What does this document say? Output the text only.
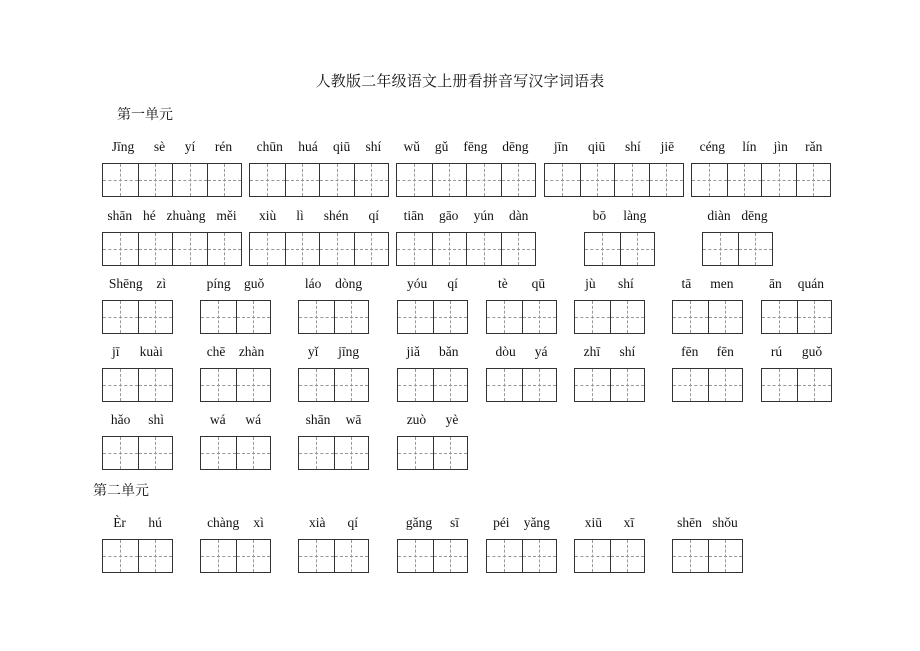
人教版二年级语文上册看拼音写汉字词语表
第一单元
Jīng sè yí rén chūn huá qiū shí wǔ gǔ fēng dēng jīn qiū shí jiē céng lín jìn rǎn
shān hé zhuàng měi xiù lì shén qí tiān gāo yún dàn	bō làng	diàn dēng
Shēng zì	píng guǒ	láo dòng	yóu qí	tè qū	jù shí	tā men	ān quán
jī kuài	chē zhàn	yǐ jīng	jiǎ bǎn	dòu yá	zhī shí	fēn fēn	rú guǒ
hǎo shì	wá wá	shān wā	zuò yè
第二单元
Èr hú	chàng xì	xià qí	gǎng sī	péi yǎng	xiū xī	shēn shǒu
